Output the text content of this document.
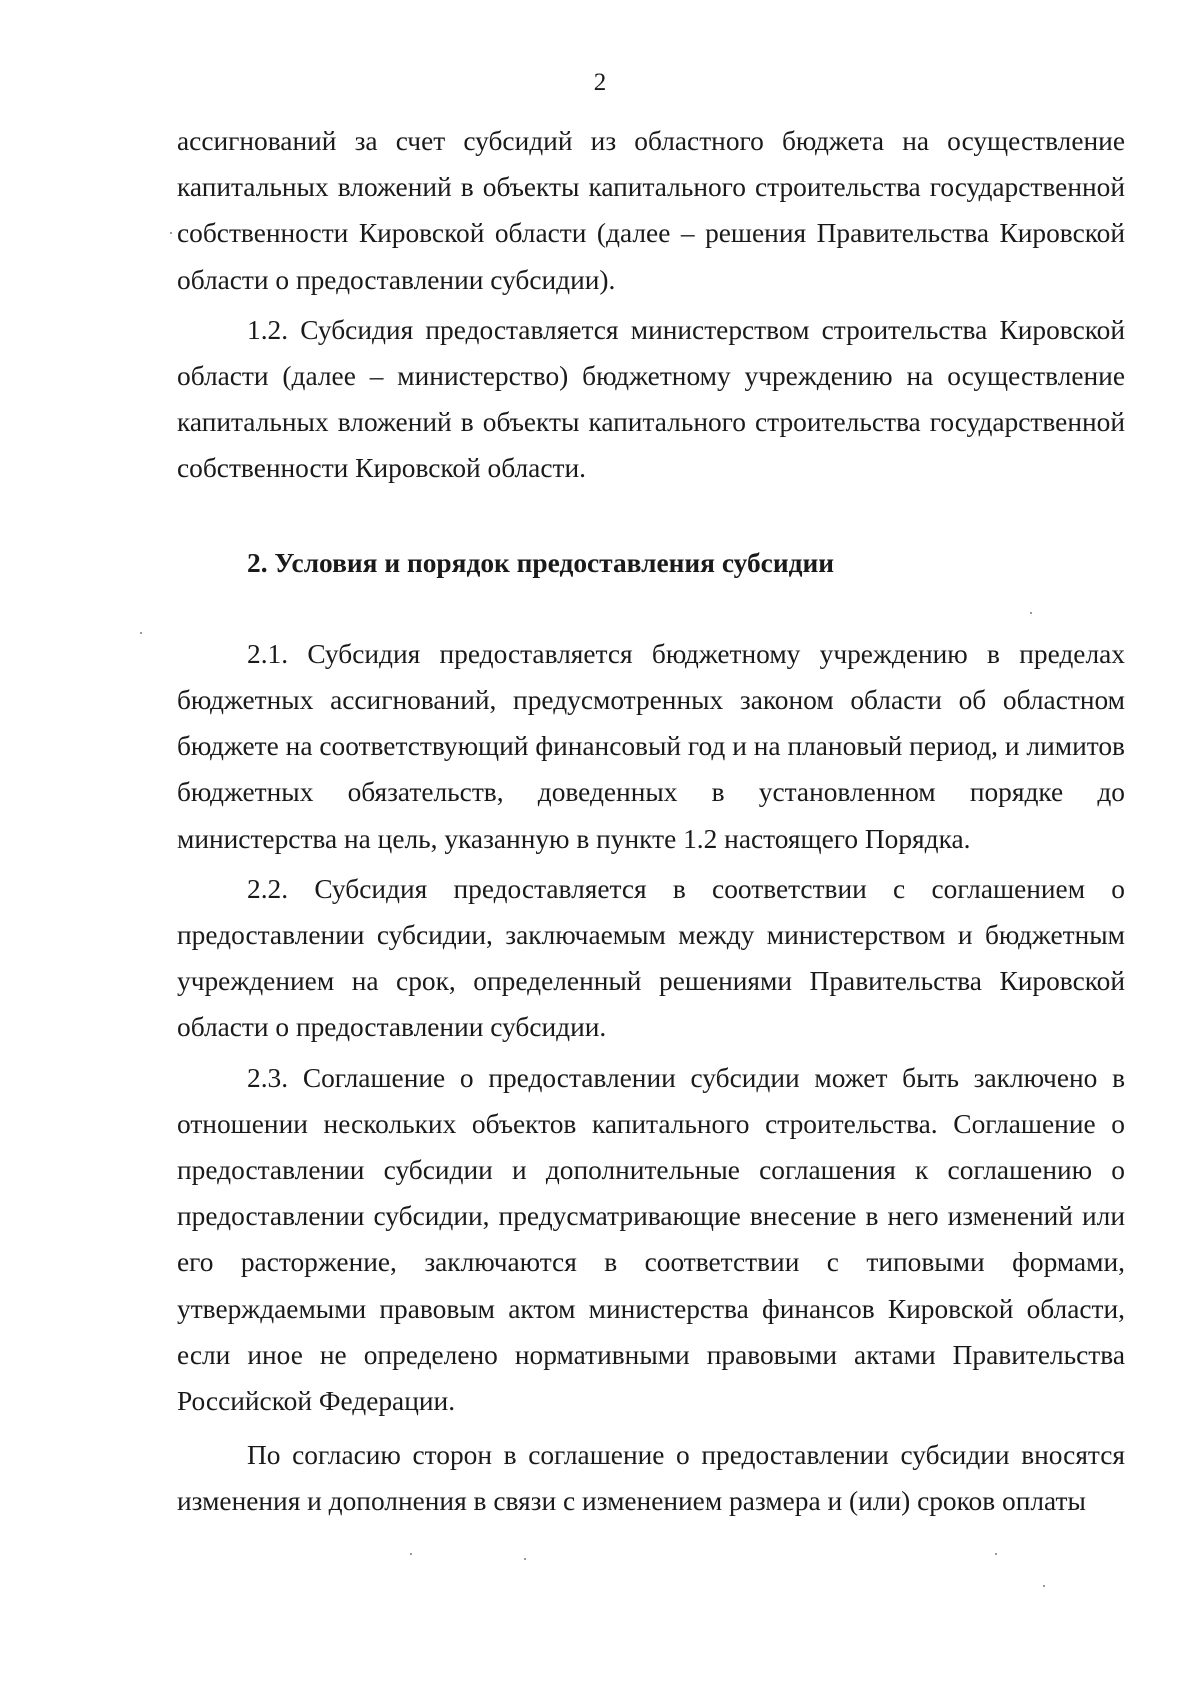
2

ассигнований за счет субсидий из областного бюджета на осуществление капитальных вложений в объекты капитального строительства государственной собственности Кировской области (далее – решения Правительства Кировской области о предоставлении субсидии).

1.2. Субсидия предоставляется министерством строительства Кировской области (далее – министерство) бюджетному учреждению на осуществление капитальных вложений в объекты капитального строительства государственной собственности Кировской области.

2. Условия и порядок предоставления субсидии

2.1. Субсидия предоставляется бюджетному учреждению в пределах бюджетных ассигнований, предусмотренных законом области об областном бюджете на соответствующий финансовый год и на плановый период, и лимитов бюджетных обязательств, доведенных в установленном порядке до министерства на цель, указанную в пункте 1.2 настоящего Порядка.

2.2. Субсидия предоставляется в соответствии с соглашением о предоставлении субсидии, заключаемым между министерством и бюджетным учреждением на срок, определенный решениями Правительства Кировской области о предоставлении субсидии.

2.3. Соглашение о предоставлении субсидии может быть заключено в отношении нескольких объектов капитального строительства. Соглашение о предоставлении субсидии и дополнительные соглашения к соглашению о предоставлении субсидии, предусматривающие внесение в него изменений или его расторжение, заключаются в соответствии с типовыми формами, утверждаемыми правовым актом министерства финансов Кировской области, если иное не определено нормативными правовыми актами Правительства Российской Федерации.

По согласию сторон в соглашение о предоставлении субсидии вносятся изменения и дополнения в связи с изменением размера и (или) сроков оплаты
